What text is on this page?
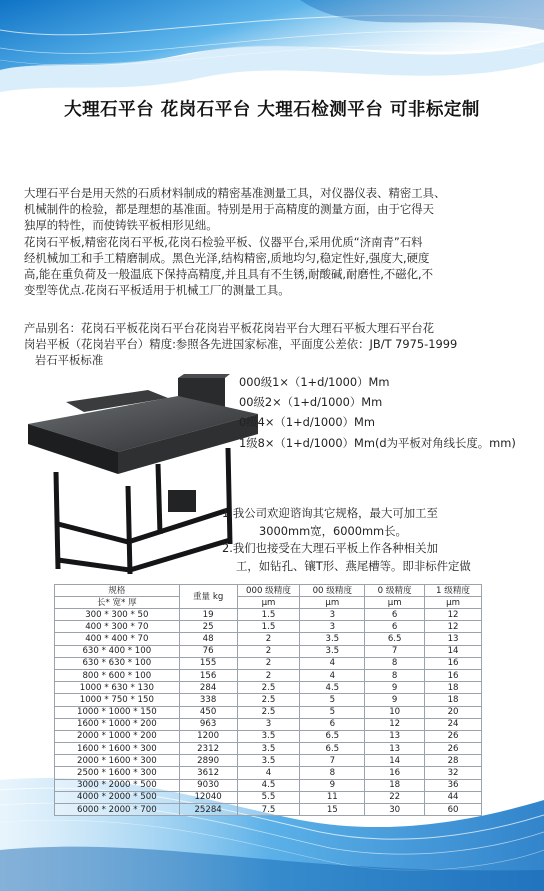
大理石平台 花岗石平台 大理石检测平台 可非标定制
大理石平台是用天然的石质材料制成的精密基准测量工具，对仪器仪表、精密工具、
机械制件的检验，都是理想的基准面。特别是用于高精度的测量方面，由于它得天
独厚的特性，而使铸铁平板相形见绌。
花岗石平板,精密花岗石平板,花岗石检验平板、仪器平台,采用优质“济南青”石料
经机械加工和手工精磨制成。黑色光泽,结构精密,质地均匀,稳定性好,强度大,硬度
高,能在重负荷及一般温底下保持高精度,并且具有不生锈,耐酸碱,耐磨性,不磁化,不
变型等优点.花岗石平板适用于机械工厂的测量工具。
产品别名：花岗石平板花岗石平台花岗岩平板花岗岩平台大理石平板大理石平台花
岗岩平板（花岗岩平台）精度:参照各先进国家标准，平面度公差依：JB/T 7975-1999
岩石平板标准
000级1×（1+d/1000）Mm
00级2×（1+d/1000）Mm
0级4×（1+d/1000）Mm
1级8×（1+d/1000）Mm(d为平板对角线长度。mm)
1.我公司欢迎谘询其它规格，最大可加工至
3000mm宽，6000mm长。
2.我们也接受在大理石平板上作各种相关加
工，如钻孔、镶T形、燕尾槽等。即非标件定做
规格	重量 kg	000 级精度	00 级精度	0 级精度	1 级精度
长* 宽* 厚		μm	μm	μm	μm
300 * 300 * 50	19	1.5	3	6	12
400 * 300 * 70	25	1.5	3	6	12
400 * 400 * 70	48	2	3.5	6.5	13
630 * 400 * 100	76	2	3.5	7	14
630 * 630 * 100	155	2	4	8	16
800 * 600 * 100	156	2	4	8	16
1000 * 630 * 130	284	2.5	4.5	9	18
1000 * 750 * 150	338	2.5	5	9	18
1000 * 1000 * 150	450	2.5	5	10	20
1600 * 1000 * 200	963	3	6	12	24
2000 * 1000 * 200	1200	3.5	6.5	13	26
1600 * 1600 * 300	2312	3.5	6.5	13	26
2000 * 1600 * 300	2890	3.5	7	14	28
2500 * 1600 * 300	3612	4	8	16	32
3000 * 2000 * 500	9030	4.5	9	18	36
4000 * 2000 * 500	12040	5.5	11	22	44
6000 * 2000 * 700	25284	7.5	15	30	60
